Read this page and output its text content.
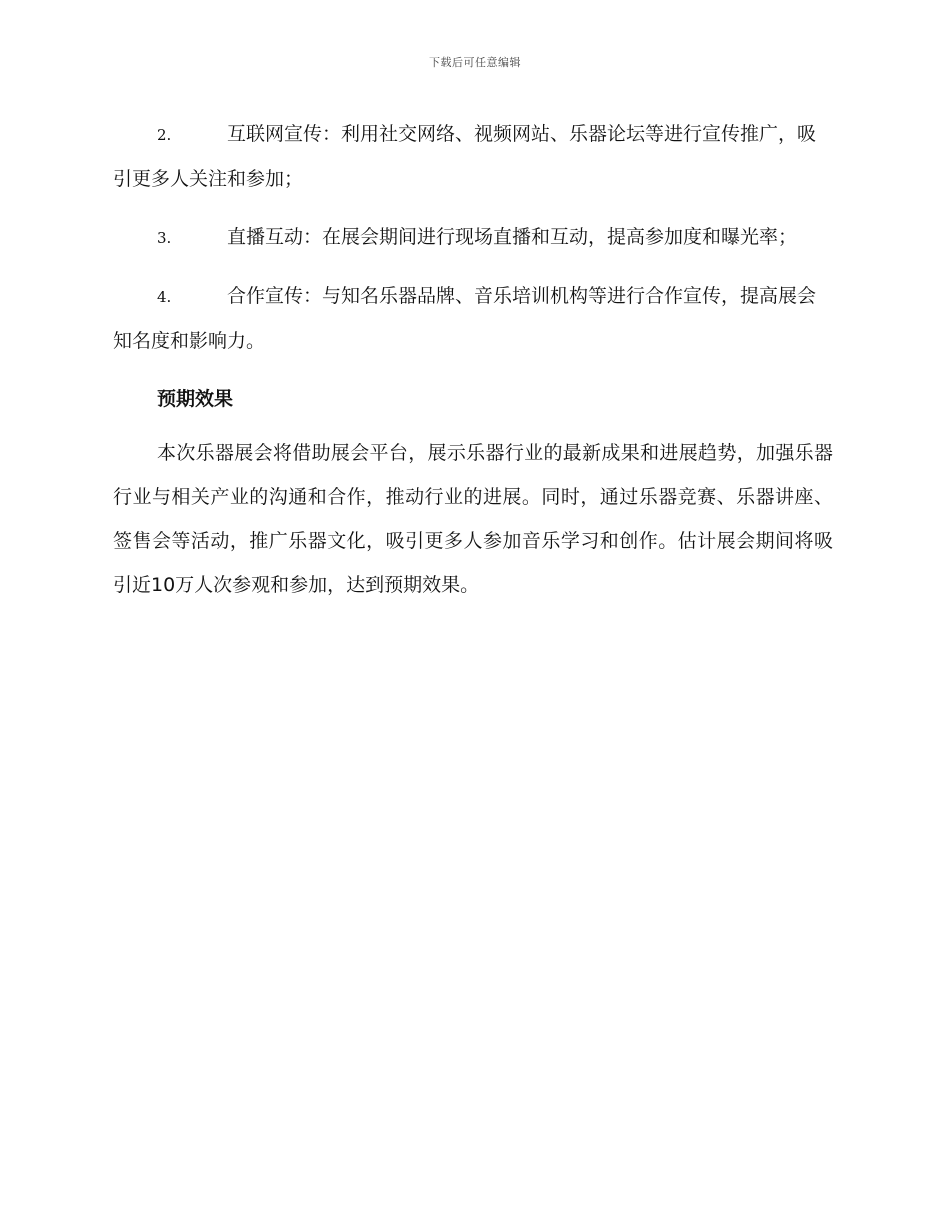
下载后可任意编辑
2.	互联网宣传：利用社交网络、视频网站、乐器论坛等进行宣传推广，吸引更多人关注和参加；
3.	直播互动：在展会期间进行现场直播和互动，提高参加度和曝光率；
4.	合作宣传：与知名乐器品牌、音乐培训机构等进行合作宣传，提高展会知名度和影响力。
预期效果

本次乐器展会将借助展会平台，展示乐器行业的最新成果和进展趋势，加强乐器行业与相关产业的沟通和合作，推动行业的进展。同时，通过乐器竞赛、乐器讲座、签售会等活动，推广乐器文化，吸引更多人参加音乐学习和创作。估计展会期间将吸引近10万人次参观和参加，达到预期效果。
